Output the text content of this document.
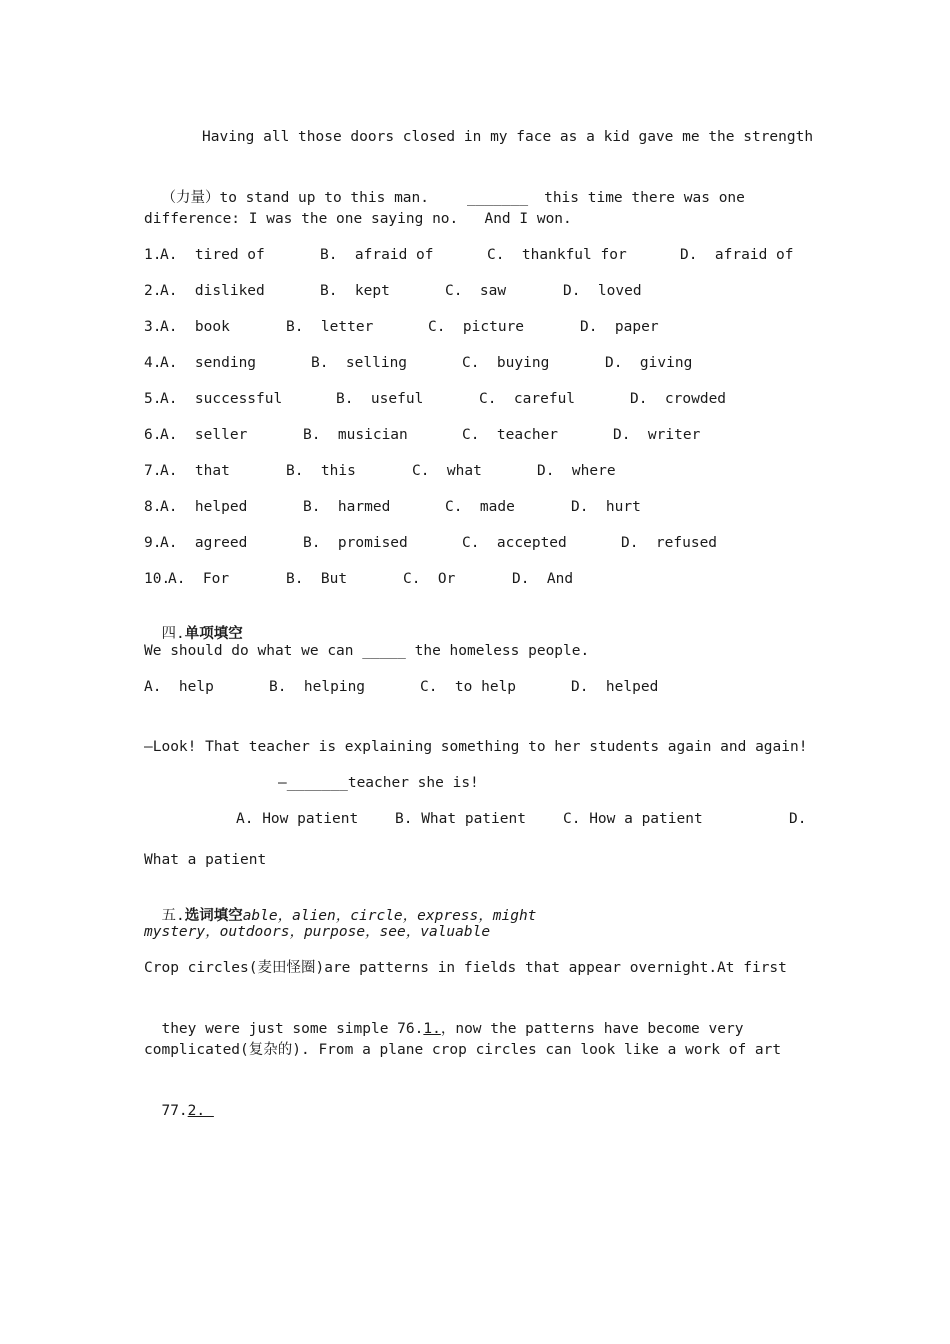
Having all those doors closed in my face as a kid gave me the strength

（力量）to stand up to this man.	_______ this time there was one

difference: I was the one saying no.   And I won.
1.
A.  tired of	B.  afraid of	C.  thankful for	D.  afraid of
2.
A.  disliked	B.  kept	C.  saw	D.  loved
3.
A.  book	B.  letter	C.  picture	D.  paper
4.
A.  sending	B.  selling	C.  buying	D.  giving
5.
A.  successful	B.  useful	C.  careful	D.  crowded
6.
A.  seller	B.  musician	C.  teacher	D.  writer
7.
A.  that	B.  this	C.  what	D.  where
8.
A.  helped	B.  harmed	C.  made	D.  hurt
9.
A.  agreed	B.  promised	C.  accepted	D.  refused
10.
A.  For	B.  But	C.  Or	D.  And

四.单项填空

We should do what we can _____ the homeless people.
A.  help	B.  helping	C.  to help	D.  helped
—Look! That teacher is explaining something to her students again and again!
—_______teacher she is!
A. How patient	B. What patient	C. How a patient	D.
What a patient

五.选词填空able，alien，circle，express，might

mystery，outdoors，purpose，see，valuable
Crop circles(麦田怪圈)are patterns in fields that appear overnight.At first

they were just some simple 76.1.，now the patterns have become very

complicated(复杂的). From a plane crop circles can look like a work of art

77.2.
